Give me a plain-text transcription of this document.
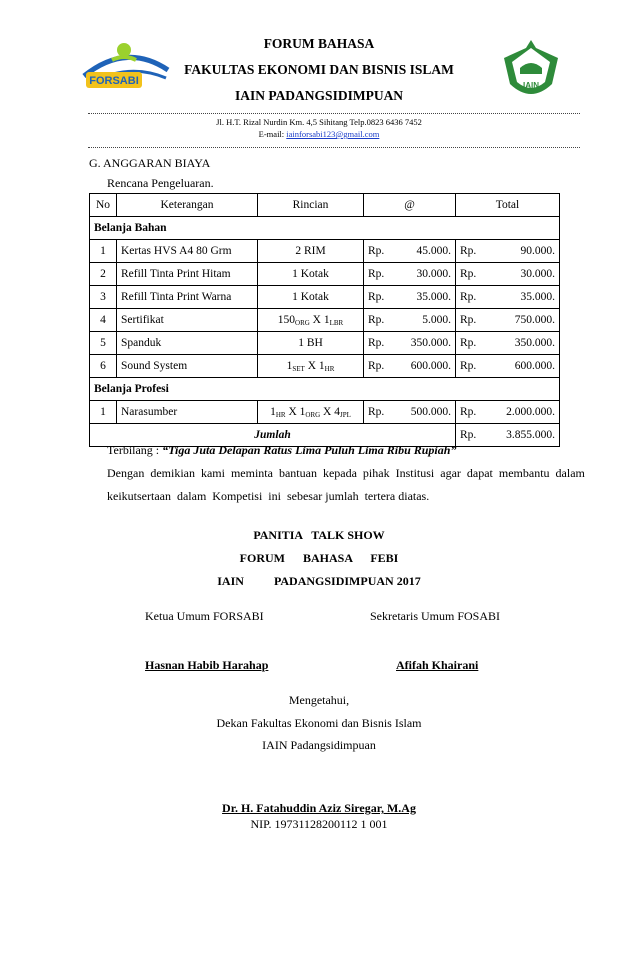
FORSABI	IAIN
FORUM BAHASA
FAKULTAS EKONOMI DAN BISNIS ISLAM
IAIN PADANGSIDIMPUAN
Jl. H.T. Rizal Nurdin Km. 4,5 Sihitang Telp.0823 6436 7452
E-mail: iainforsabi123@gmail.com
G. ANGGARAN BIAYA
Rencana Pengeluaran.
No	Keterangan	Rincian	@		Total	
Belanja Bahan						
1	Kertas HVS A4 80 Grm	2 RIM	Rp.	45.000.	Rp.	90.000.
2	Refill Tinta Print Hitam	1 Kotak	Rp.	30.000.	Rp.	30.000.
3	Refill Tinta Print Warna	1 Kotak	Rp.	35.000.	Rp.	35.000.
4	Sertifikat	$150_{ORG}$ X $1_{LBR}$	Rp.	5.000.	Rp.	750.000.
5	Spanduk	1 BH	Rp.	350.000.	Rp.	350.000.
6	Sound System	$1_{SET}$ X $1_{HR}$	Rp.	600.000.	Rp.	600.000.
Belanja Profesi						
1	Narasumber	$1_{HR}$ X $1_{ORG}$ X $4_{JPL}$	Rp.	500.000.	Rp.	2.000.000.
Jumlah					Rp.	3.855.000.
Terbilang : “Tiga Juta Delapan Ratus Lima Puluh Lima Ribu Rupiah”
Dengan  demikian  kami  meminta  bantuan  kepada  pihak  Institusi  agar  dapat  membantu  dalam
keikutsertaan  dalam  Kompetisi  ini  sebesar jumlah  tertera diatas.
PANITIA   TALK SHOW
FORUM      BAHASA      FEBI
IAIN          PADANGSIDIMPUAN 2017
Ketua Umum FORSABI	Sekretaris Umum FOSABI
Hasnan Habib Harahap	Afifah Khairani
Mengetahui,
Dekan Fakultas Ekonomi dan Bisnis Islam
IAIN Padangsidimpuan
Dr. H. Fatahuddin Aziz Siregar, M.Ag
NIP. 19731128200112 1 001
